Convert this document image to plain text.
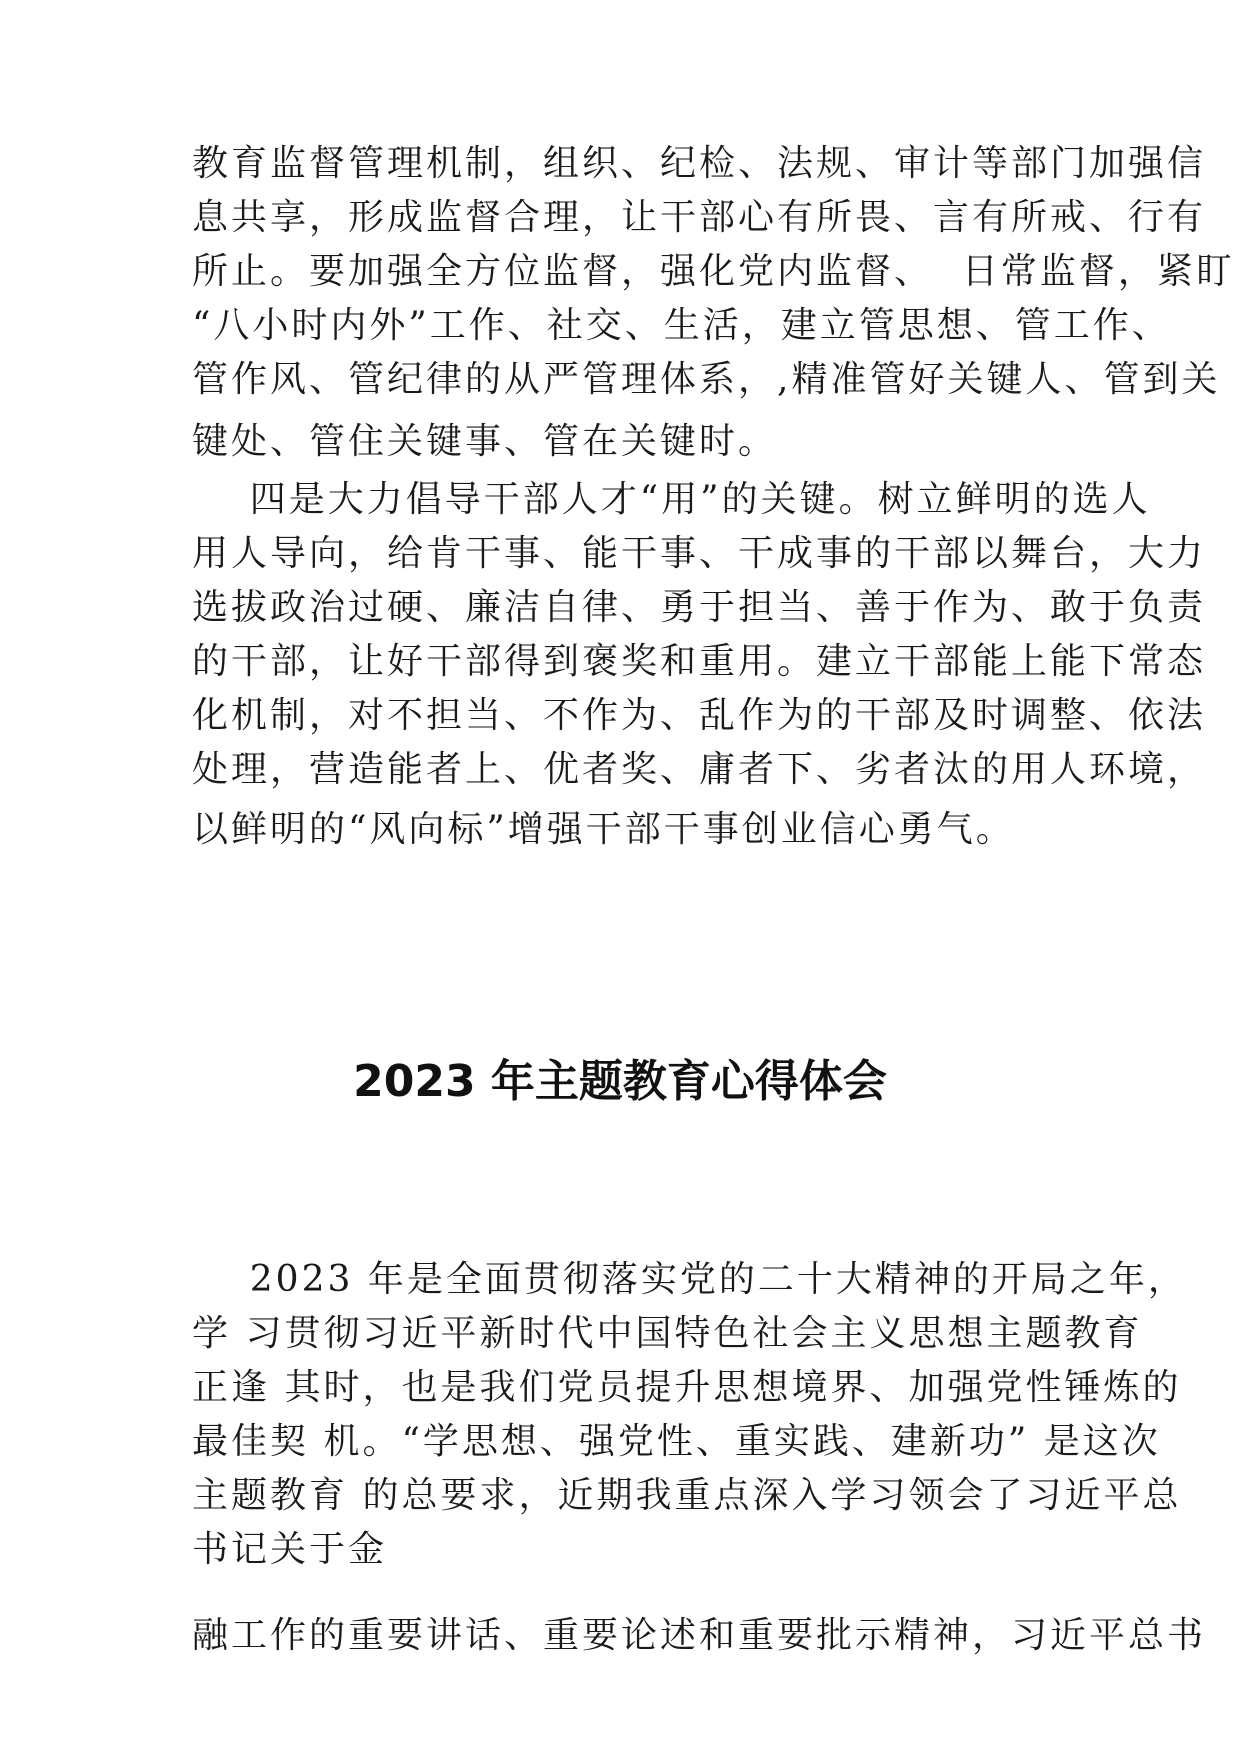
教育监督管理机制，组织、纪检、法规、审计等部门加强信
息共享，形成监督合理，让干部心有所畏、言有所戒、行有
所止。要加强全方位监督，强化党内监督、  日常监督，紧盯
“八小时内外”工作、社交、生活，建立管思想、管工作、
管作风、管纪律的从严管理体系，,精准管好关键人、管到关
键处、管住关键事、管在关键时。
四是大力倡导干部人才“用”的关键。树立鲜明的选人
用人导向，给肯干事、能干事、干成事的干部以舞台，大力
选拔政治过硬、廉洁自律、勇于担当、善于作为、敢于负责
的干部，让好干部得到褒奖和重用。建立干部能上能下常态
化机制，对不担当、不作为、乱作为的干部及时调整、依法
处理，营造能者上、优者奖、庸者下、劣者汰的用人环境，
以鲜明的“风向标”增强干部干事创业信心勇气。
2023 年主题教育心得体会
2023 年是全面贯彻落实党的二十大精神的开局之年，
学 习贯彻习近平新时代中国特色社会主义思想主题教育
正逢 其时，也是我们党员提升思想境界、加强党性锤炼的
最佳契 机。“学思想、强党性、重实践、建新功” 是这次
主题教育 的总要求，近期我重点深入学习领会了习近平总
书记关于金
融工作的重要讲话、重要论述和重要批示精神，习近平总书
